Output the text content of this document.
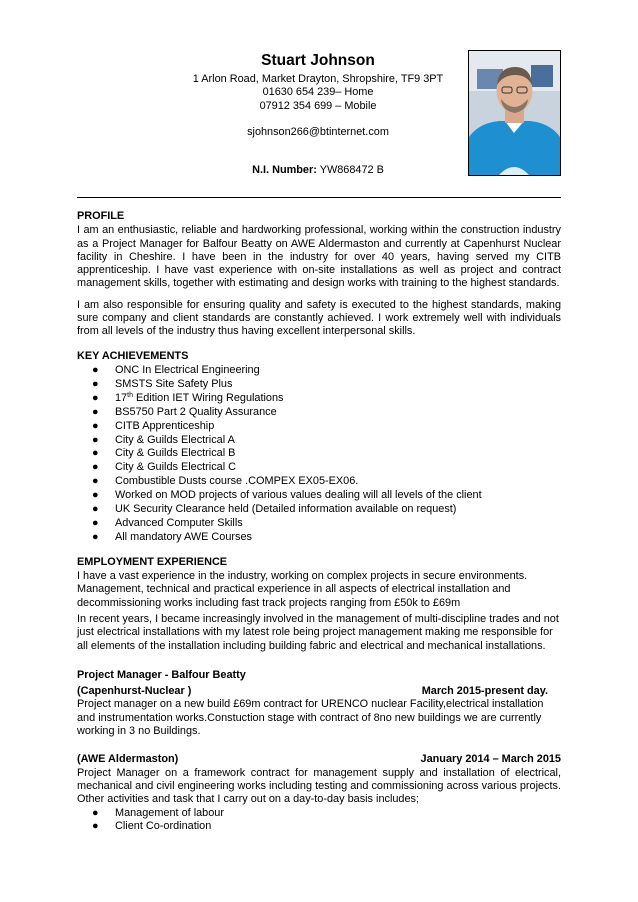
Stuart Johnson
1 Arlon Road, Market Drayton, Shropshire, TF9 3PT
01630 654 239– Home
07912 354 699 – Mobile
sjohnson266@btinternet.com
N.I. Number: YW868472 B
PROFILE

I am an enthusiastic, reliable and hardworking professional, working within the construction industry as a Project Manager for Balfour Beatty on AWE Aldermaston and currently at Capenhurst Nuclear facility in Cheshire. I have been in the industry for over 40 years, having served my CITB apprenticeship. I have vast experience with on-site installations as well as project and contract management skills, together with estimating and design works with training to the highest standards.

I am also responsible for ensuring quality and safety is executed to the highest standards, making sure company and client standards are constantly achieved. I work extremely well with individuals from all levels of the industry thus having excellent interpersonal skills.

KEY ACHIEVEMENTS
● ONC In Electrical Engineering
● SMSTS Site Safety Plus
● 17th Edition IET Wiring Regulations
● BS5750 Part 2 Quality Assurance
● CITB Apprenticeship
● City & Guilds Electrical A
● City & Guilds Electrical B
● City & Guilds Electrical C
● Combustible Dusts course .COMPEX EX05-EX06.
● Worked on MOD projects of various values dealing will all levels of the client
● UK Security Clearance held (Detailed information available on request)
● Advanced Computer Skills
● All mandatory AWE Courses
EMPLOYMENT EXPERIENCE

I have a vast experience in the industry, working on complex projects in secure environments. Management, technical and practical experience in all aspects of electrical installation and decommissioning works including fast track projects ranging from £50k to £69m

In recent years, I became increasingly involved in the management of multi-discipline trades and not just electrical installations with my latest role being project management making me responsible for all elements of the installation including building fabric and electrical and mechanical installations.

Project Manager - Balfour Beatty

(Capenhurst-Nuclear )	March 2015-present day.

Project manager on a new build £69m contract for URENCO nuclear Facility,electrical installation and instrumentation works.Constuction stage with contract of 8no new buildings we are currently working in 3 no Buildings.

(AWE Aldermaston)	January 2014 – March 2015

Project Manager on a framework contract for management supply and installation of electrical, mechanical and civil engineering works including testing and commissioning across various projects. Other activities and task that I carry out on a day-to-day basis includes;

● Management of labour
● Client Co-ordination
